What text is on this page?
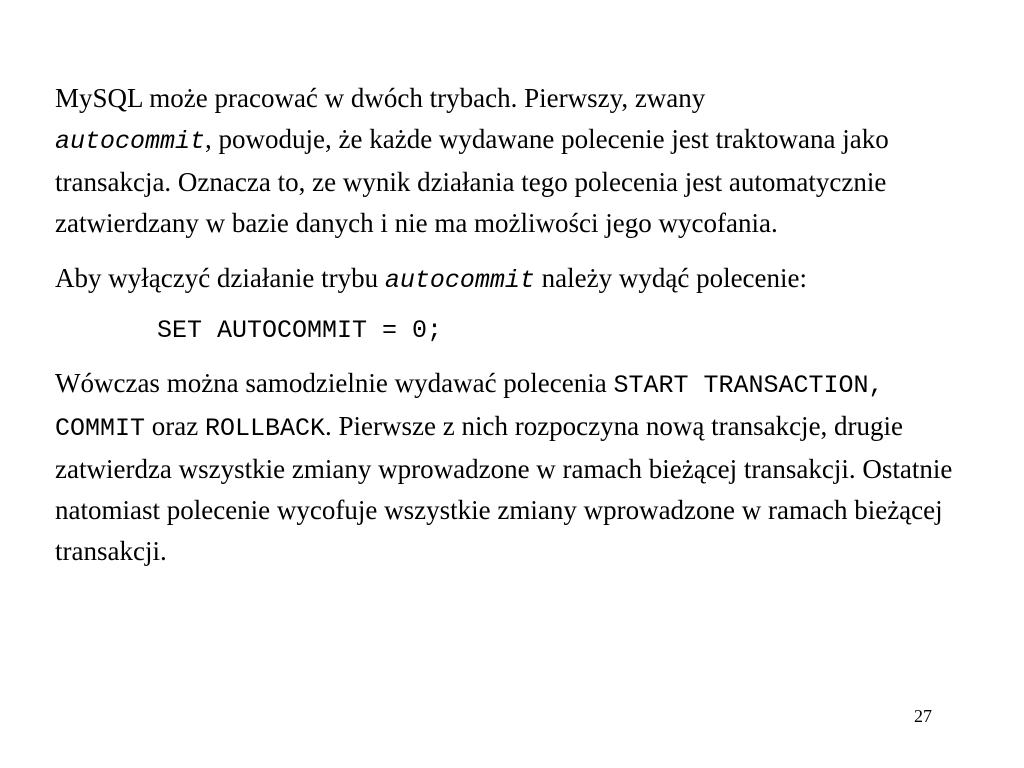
MySQL może pracować w dwóch trybach. Pierwszy, zwany
autocommit, powoduje, że każde wydawane polecenie jest traktowana jako transakcja. Oznacza to, ze wynik działania tego polecenia jest automatycznie zatwierdzany w bazie danych i nie ma możliwości jego wycofania.

Aby wyłączyć działanie trybu autocommit należy wydąć polecenie:

SET AUTOCOMMIT = 0;

Wówczas można samodzielnie wydawać polecenia START TRANSACTION, COMMIT oraz ROLLBACK. Pierwsze z nich rozpoczyna nową transakcje, drugie zatwierdza wszystkie zmiany wprowadzone w ramach bieżącej transakcji. Ostatnie natomiast polecenie wycofuje wszystkie zmiany wprowadzone w ramach bieżącej transakcji.

27
